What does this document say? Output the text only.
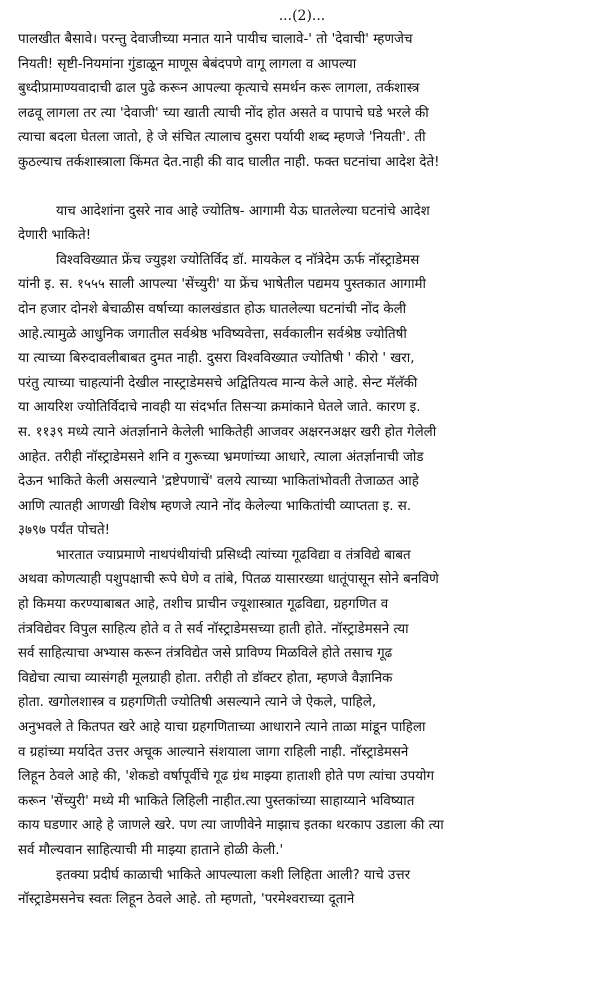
...(2)...
पालखीत बैसावे। परन्तु देवाजीच्या मनात याने पायीच चालावे-' तो 'देवाची' म्हणजेच
नियती! सृष्टी-नियमांना गुंडाळून माणूस बेबंदपणे वागू लागला व आपल्या
बुध्दीप्रामाण्यवादाची ढाल पुढे करून आपल्या कृत्याचे समर्थन करू लागला, तर्कशास्त्र
लढवू लागला तर त्या 'देवाजी' च्या खाती त्याची नोंद होत असते व पापाचे घडे भरले की
त्याचा बदला घेतला जातो, हे जे संचित त्यालाच दुसरा पर्यायी शब्द म्हणजे 'नियती'. ती
कुठल्याच तर्कशास्त्राला किंमत देत.नाही की वाद घालीत नाही. फक्त घटनांचा आदेश देते!
याच आदेशांना दुसरे नाव आहे ज्योतिष- आगामी येऊ घातलेल्या घटनांचे आदेश
देणारी भाकिते!
विश्वविख्यात फ्रेंच ज्युइश ज्योतिर्विद डॉ. मायकेल द नॉत्रेदेम ऊर्फ नॉस्ट्राडेमस
यांनी इ. स. १५५५ साली आपल्या 'सेंच्युरी' या फ्रेंच भाषेतील पद्यमय पुस्तकात आगामी
दोन हजार दोनशे बेचाळीस वर्षाच्या कालखंडात होऊ घातलेल्या घटनांची नोंद केली
आहे.त्यामुळे आधुनिक जगातील सर्वश्रेष्ठ भविष्यवेत्ता, सर्वकालीन सर्वश्रेष्ठ ज्योतिषी
या त्याच्या बिरुदावलीबाबत दुमत नाही. दुसरा विश्वविख्यात ज्योतिषी ' कीरो ' खरा,
परंतु त्याच्या चाहत्यांनी देखील नास्ट्राडेमसचे अद्वितियत्व मान्य केले आहे. सेन्ट मॅलॅकी
या आयरिश ज्योतिर्विदाचे नावही या संदर्भात तिसऱ्या क्रमांकाने घेतले जाते. कारण इ.
स. ११३९ मध्ये त्याने अंतर्ज्ञानाने केलेली भाकितेही आजवर अक्षरनअक्षर खरी होत गेलेली
आहेत. तरीही नॉस्ट्राडेमसने शनि व गुरूच्या भ्रमणांच्या आधारे, त्याला अंतर्ज्ञानाची जोड
देऊन भाकिते केली असल्याने 'द्रष्टेपणाचें' वलये त्याच्या भाकितांभोवती तेजाळत आहे
आणि त्यातही आणखी विशेष म्हणजे त्याने नोंद केलेल्या भाकितांची व्याप्तता इ. स.
३७९७ पर्यंत पोचते!
भारतात ज्याप्रमाणे नाथपंथीयांची प्रसिध्दी त्यांच्या गूढविद्या व तंत्रविद्ये बाबत
अथवा कोणत्याही पशुपक्षाची रूपे घेणे व तांबे, पितळ यासारख्या धातूंपासून सोने बनविणे
हो किमया करण्याबाबत आहे, तशीच प्राचीन ज्यूशास्त्रात गूढविद्या, ग्रहगणित व
तंत्रविद्येवर विपुल साहित्य होते व ते सर्व नॉस्ट्राडेमसच्या हाती होते. नॉस्ट्राडेमसने त्या
सर्व साहित्याचा अभ्यास करून तंत्रविद्येत जसे प्राविण्य मिळविले होते तसाच गूढ
विद्येचा त्याचा व्यासंगही मूलग्राही होता. तरीही तो डॉक्टर होता, म्हणजे वैज्ञानिक
होता. खगोलशास्त्र व ग्रहगणिती ज्योतिषी असल्याने त्याने जे ऐकले, पाहिले,
अनुभवले ते कितपत खरे आहे याचा ग्रहगणिताच्या आधाराने त्याने ताळा मांडून पाहिला
व ग्रहांच्या मर्यादेत उत्तर अचूक आल्याने संशयाला जागा राहिली नाही. नॉस्ट्राडेमसने
लिहून ठेवले आहे की, 'शेकडो वर्षापूर्वीचे गूढ ग्रंथ माझ्या हाताशी होते पण त्यांचा उपयोग
करून 'सेंच्युरी' मध्ये मी भाकिते लिहिली नाहीत.त्या पुस्तकांच्या साहाय्याने भविष्यात
काय घडणार आहे हे जाणले खरे. पण त्या जाणीवेने माझाच इतका थरकाप उडाला की त्या
सर्व मौल्यवान साहित्याची मी माझ्या हाताने होळी केली.'
इतक्या प्रदीर्घ काळाची भाकिते आपल्याला कशी लिहिता आली? याचे उत्तर
नॉस्ट्राडेमसनेच स्वतः लिहून ठेवले आहे. तो म्हणतो, 'परमेश्वराच्या दूताने
